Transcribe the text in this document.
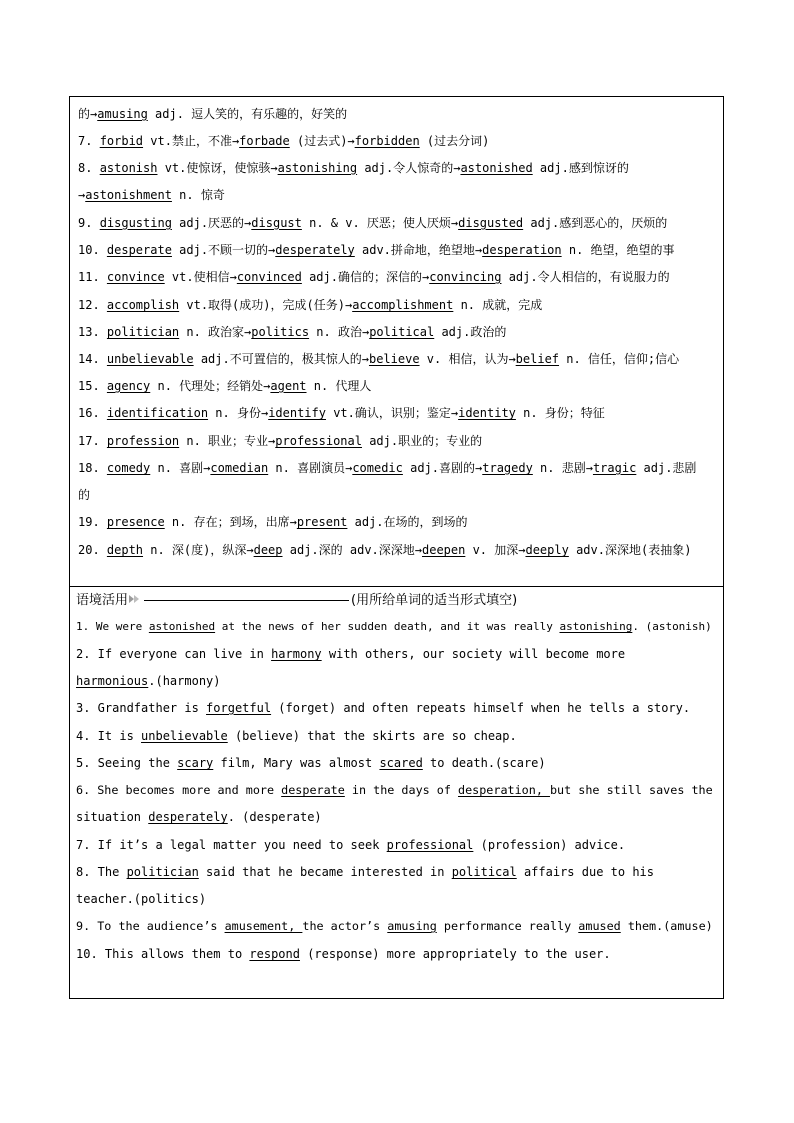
的→amusing adj. 逗人笑的，有乐趣的，好笑的
7. forbid vt.禁止，不准→forbade (过去式)→forbidden (过去分词)
8. astonish vt.使惊讶，使惊骇→astonishing adj.令人惊奇的→astonished adj.感到惊讶的
→astonishment n. 惊奇
9. disgusting adj.厌恶的→disgust n. & v. 厌恶；使人厌烦→disgusted adj.感到恶心的，厌烦的
10. desperate adj.不顾一切的→desperately adv.拼命地，绝望地→desperation n. 绝望，绝望的事
11. convince vt.使相信→convinced adj.确信的；深信的→convincing adj.令人相信的，有说服力的
12. accomplish vt.取得(成功)，完成(任务)→accomplishment n. 成就，完成
13. politician n. 政治家→politics n. 政治→political adj.政治的
14. unbelievable adj.不可置信的，极其惊人的→believe v. 相信，认为→belief n. 信任，信仰;信心
15. agency n. 代理处；经销处→agent n. 代理人
16. identification n. 身份→identify vt.确认，识别；鉴定→identity n. 身份；特征
17. profession n. 职业；专业→professional adj.职业的；专业的
18. comedy n. 喜剧→comedian n. 喜剧演员→comedic adj.喜剧的→tragedy n. 悲剧→tragic adj.悲剧
的
19. presence n. 存在；到场，出席→present adj.在场的，到场的
20. depth n. 深(度)，纵深→deep adj.深的 adv.深深地→deepen v. 加深→deeply adv.深深地(表抽象)
语境活用	(用所给单词的适当形式填空)
1. We were astonished at the news of her sudden death, and it was really astonishing. (astonish)
2. If everyone can live in harmony with others, our society will become more
harmonious.(harmony)
3. Grandfather is forgetful (forget) and often repeats himself when he tells a story.
4. It is unbelievable (believe) that the skirts are so cheap.
5. Seeing the scary film, Mary was almost scared to death.(scare)
6. She becomes more and more desperate in the days of desperation, but she still saves the
situation desperately. (desperate)
7. If it’s a legal matter you need to seek professional (profession) advice.
8. The politician said that he became interested in political affairs due to his
teacher.(politics)
9. To the audience’s amusement, the actor’s amusing performance really amused them.(amuse)
10. This allows them to respond (response) more appropriately to the user.
